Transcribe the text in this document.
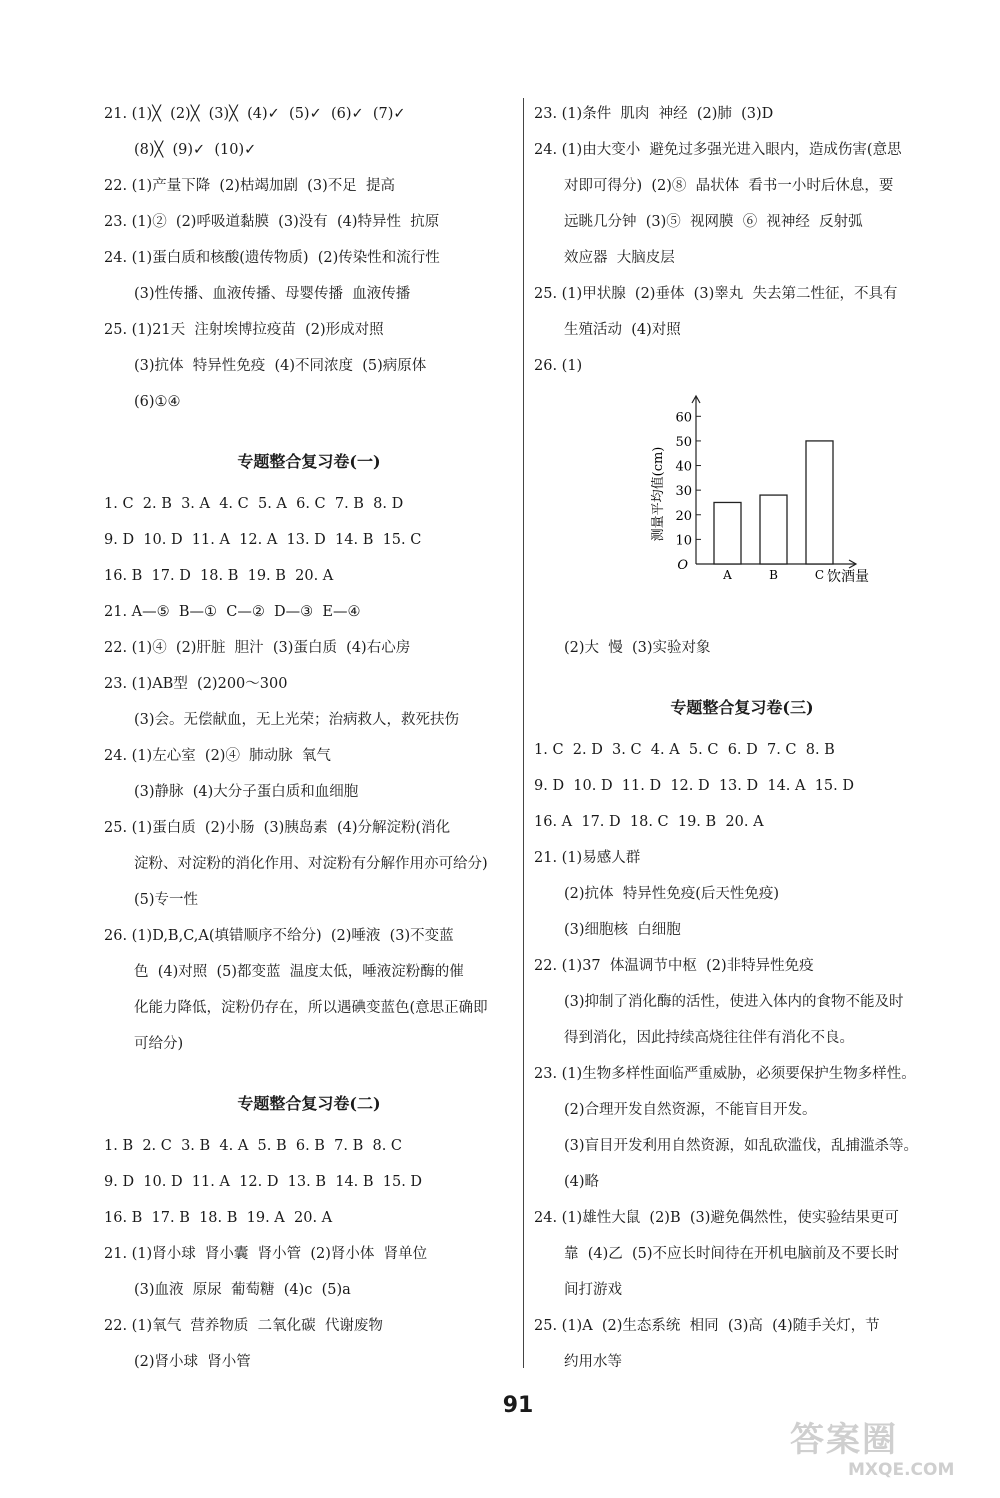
21. (1)╳  (2)╳  (3)╳  (4)✓  (5)✓  (6)✓  (7)✓
(8)╳  (9)✓  (10)✓
22. (1)产量下降  (2)枯竭加剧  (3)不足  提高
23. (1)②  (2)呼吸道黏膜  (3)没有  (4)特异性  抗原
24. (1)蛋白质和核酸(遗传物质)  (2)传染性和流行性
(3)性传播、血液传播、母婴传播  血液传播
25. (1)21天  注射埃博拉疫苗  (2)形成对照
(3)抗体  特异性免疫  (4)不同浓度  (5)病原体
(6)①④
专题整合复习卷(一)
1. C  2. B  3. A  4. C  5. A  6. C  7. B  8. D
9. D  10. D  11. A  12. A  13. D  14. B  15. C
16. B  17. D  18. B  19. B  20. A
21. A—⑤  B—①  C—②  D—③  E—④
22. (1)④  (2)肝脏  胆汁  (3)蛋白质  (4)右心房
23. (1)AB型  (2)200～300
(3)会。无偿献血，无上光荣；治病救人，救死扶伤
24. (1)左心室  (2)④  肺动脉  氧气
(3)静脉  (4)大分子蛋白质和血细胞
25. (1)蛋白质  (2)小肠  (3)胰岛素  (4)分解淀粉(消化
淀粉、对淀粉的消化作用、对淀粉有分解作用亦可给分)
(5)专一性
26. (1)D,B,C,A(填错顺序不给分)  (2)唾液  (3)不变蓝
色  (4)对照  (5)都变蓝  温度太低，唾液淀粉酶的催
化能力降低，淀粉仍存在，所以遇碘变蓝色(意思正确即
可给分)
专题整合复习卷(二)
1. B  2. C  3. B  4. A  5. B  6. B  7. B  8. C
9. D  10. D  11. A  12. D  13. B  14. B  15. D
16. B  17. B  18. B  19. A  20. A
21. (1)肾小球  肾小囊  肾小管  (2)肾小体  肾单位
(3)血液  原尿  葡萄糖  (4)c  (5)a
22. (1)氧气  营养物质  二氧化碳  代谢废物
(2)肾小球  肾小管
23. (1)条件  肌肉  神经  (2)肺  (3)D
24. (1)由大变小  避免过多强光进入眼内，造成伤害(意思
对即可得分)  (2)⑧  晶状体  看书一小时后休息，要
远眺几分钟  (3)⑤  视网膜  ⑥  视神经  反射弧
效应器  大脑皮层
25. (1)甲状腺  (2)垂体  (3)睾丸  失去第二性征，不具有
生殖活动  (4)对照
26. (1)
O
10
20
30
40
50
60
A	B	C
测量平均值(cm)
饮酒量
(2)大  慢  (3)实验对象
专题整合复习卷(三)
1. C  2. D  3. C  4. A  5. C  6. D  7. C  8. B
9. D  10. D  11. D  12. D  13. D  14. A  15. D
16. A  17. D  18. C  19. B  20. A
21. (1)易感人群
(2)抗体  特异性免疫(后天性免疫)
(3)细胞核  白细胞
22. (1)37  体温调节中枢  (2)非特异性免疫
(3)抑制了消化酶的活性，使进入体内的食物不能及时
得到消化，因此持续高烧往往伴有消化不良。
23. (1)生物多样性面临严重威胁，必须要保护生物多样性。
(2)合理开发自然资源，不能盲目开发。
(3)盲目开发利用自然资源，如乱砍滥伐，乱捕滥杀等。
(4)略
24. (1)雄性大鼠  (2)B  (3)避免偶然性，使实验结果更可
靠  (4)乙  (5)不应长时间待在开机电脑前及不要长时
间打游戏
25. (1)A  (2)生态系统  相同  (3)高  (4)随手关灯，节
约用水等
91
答案圈
MXQE.COM
